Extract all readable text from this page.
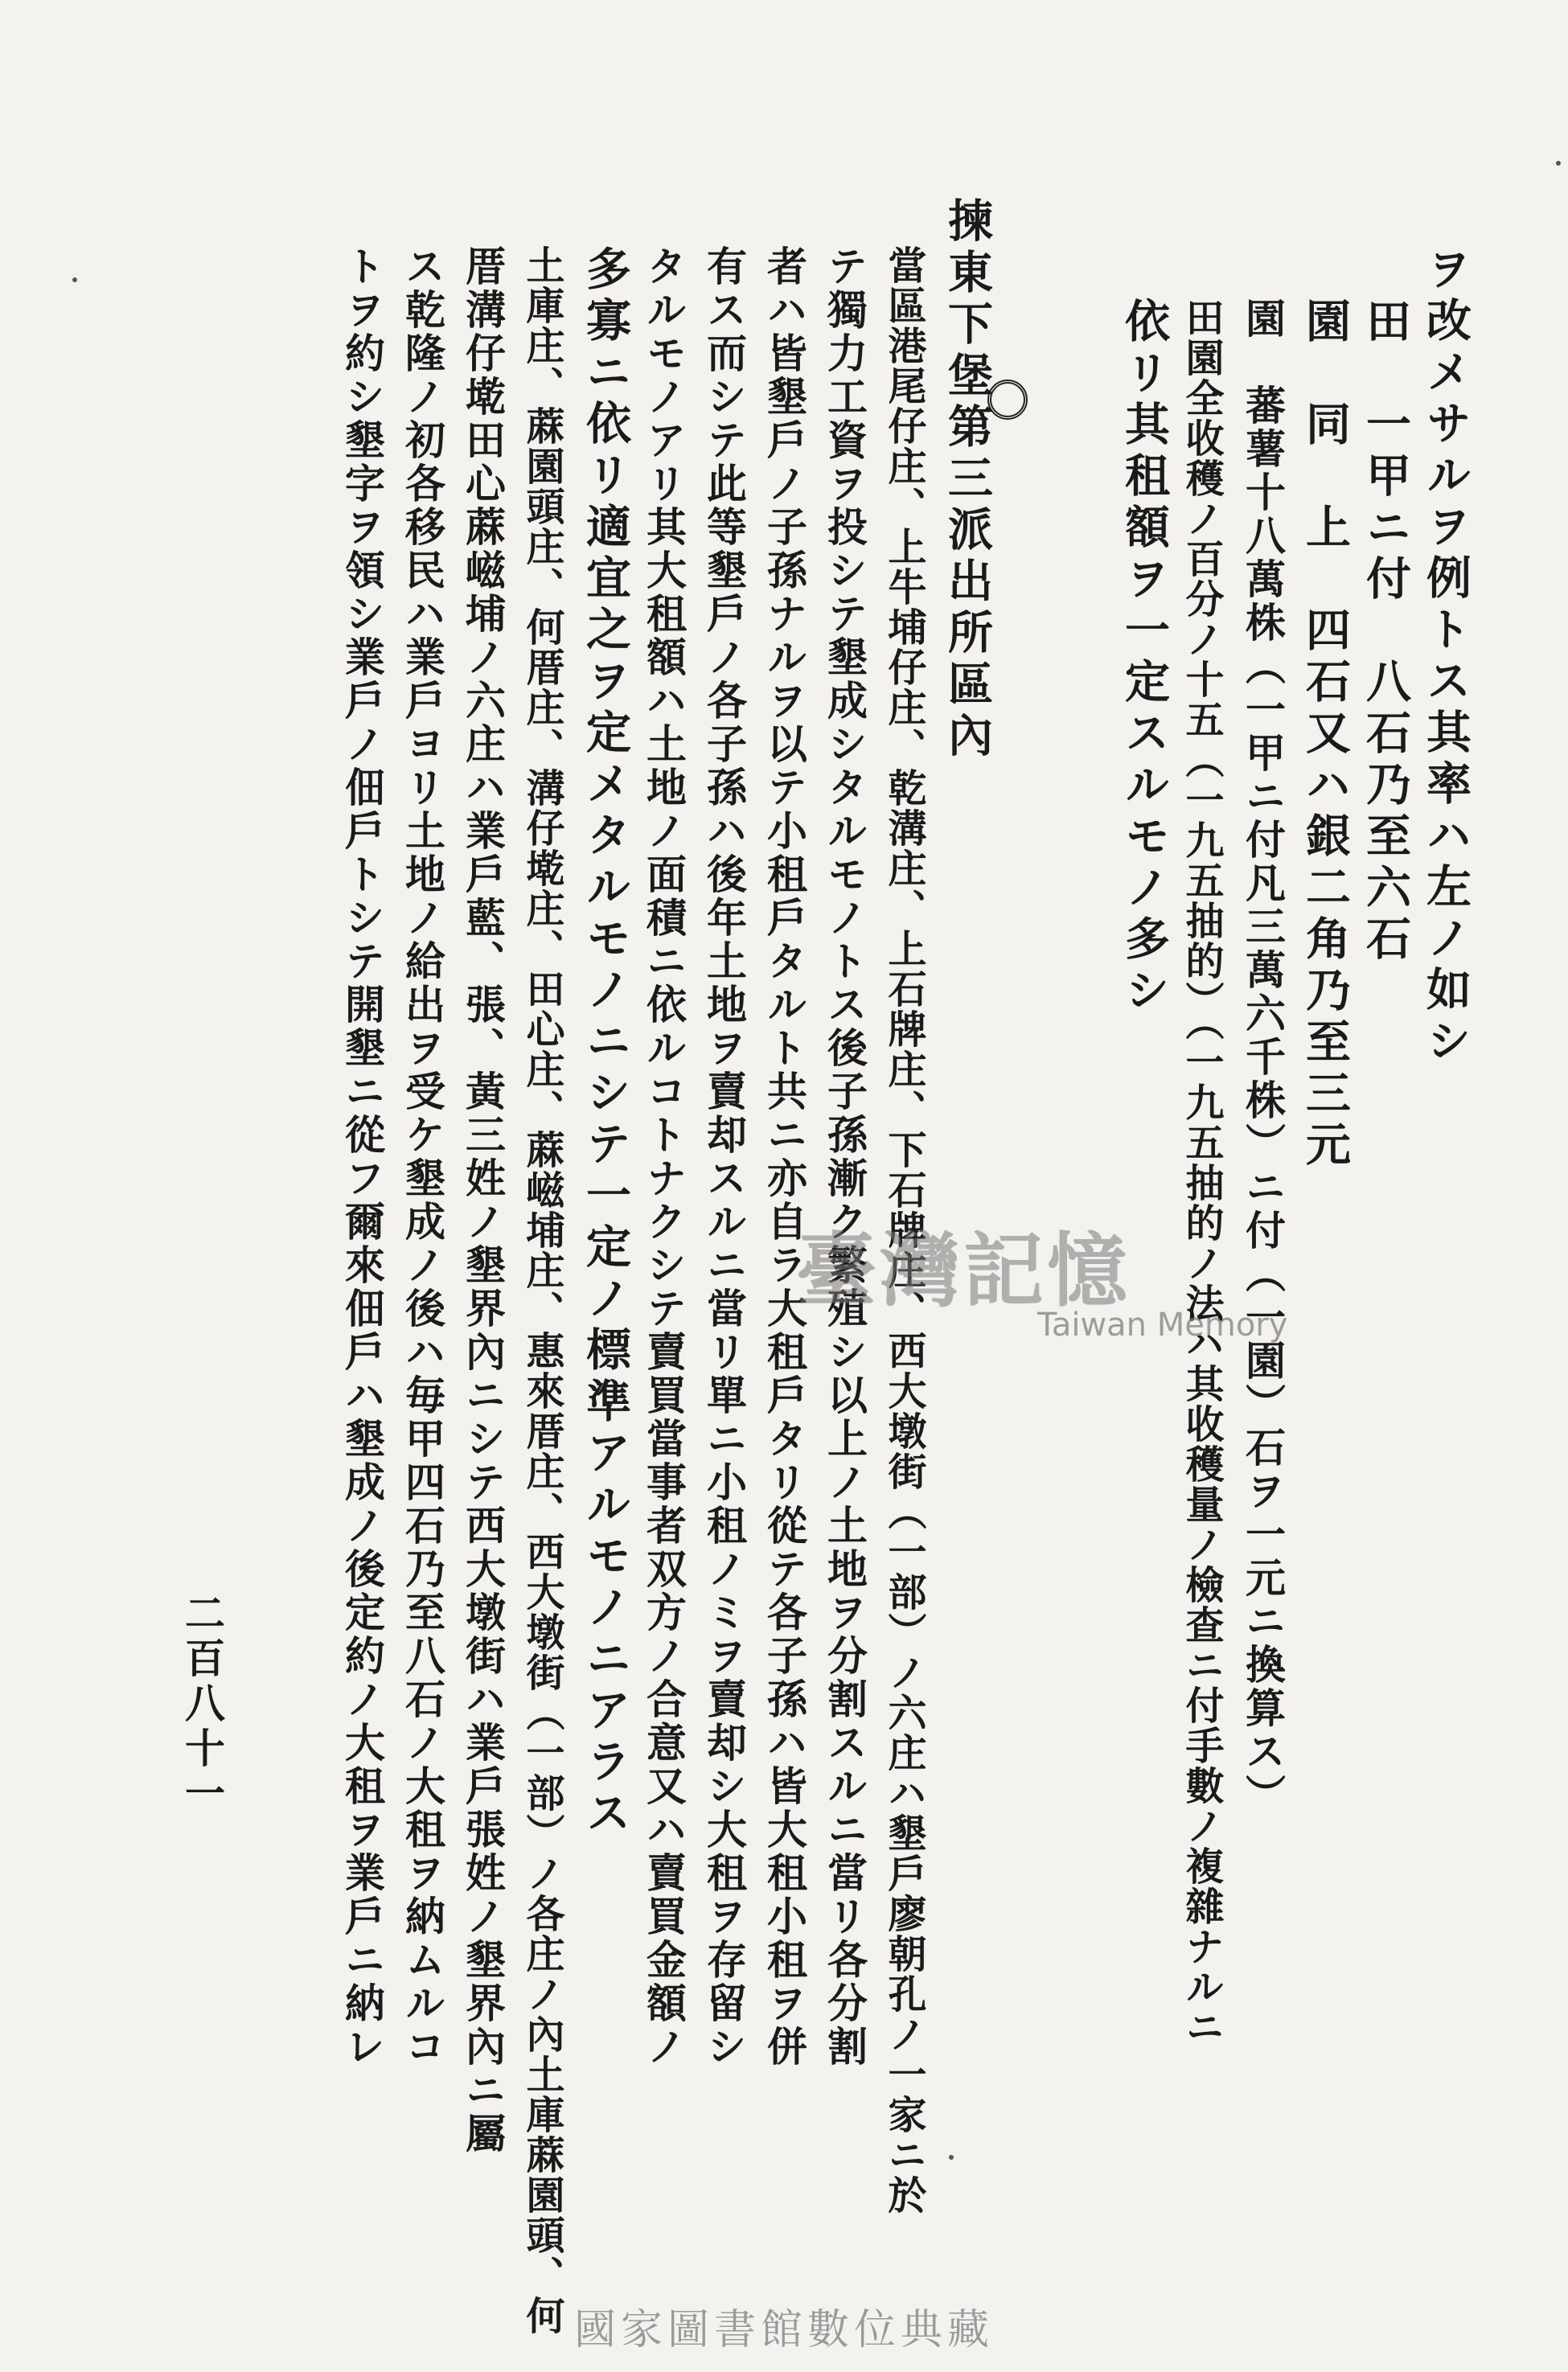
ヲ改メサルヲ例トス其率ハ左ノ如シ
田　一甲ニ付　八石乃至六石
園　同　上　四石又ハ銀二角乃至三元
園　蕃薯十八萬株（一甲ニ付凡三萬六千株）ニ付（一園）石ヲ一元ニ換算ス）
田園全收穫ノ百分ノ十五（一九五抽的）（一九五抽的ノ法ハ其收穫量ノ檢查ニ付手數ノ複雜ナルニ
依リ其租額ヲ一定スルモノ多シ
揀東下堡第三派出所區內
當區港尾仔庄、上牛埔仔庄、乾溝庄、上石牌庄、下石牌庄、西大墩街（一部）ノ六庄ハ墾戶廖朝孔ノ一家ニ於
テ獨力工資ヲ投シテ墾成シタルモノトス後子孫漸ク繁殖シ以上ノ土地ヲ分割スルニ當リ各分割
者ハ皆墾戶ノ子孫ナルヲ以テ小租戶タルト共ニ亦自ラ大租戶タリ從テ各子孫ハ皆大租小租ヲ併
有ス而シテ此等墾戶ノ各子孫ハ後年土地ヲ賣却スルニ當リ單ニ小租ノミヲ賣却シ大租ヲ存留シ
タルモノアリ其大租額ハ土地ノ面積ニ依ルコトナクシテ賣買當事者双方ノ合意又ハ賣買金額ノ
多寡ニ依リ適宜之ヲ定メタルモノニシテ一定ノ標準アルモノニアラス
土庫庄、蔴園頭庄、何厝庄、溝仔墘庄、田心庄、蔴嵫埔庄、惠來厝庄、西大墩街（一部）ノ各庄ノ內土庫蔴園頭、何
厝溝仔墘田心蔴嵫埔ノ六庄ハ業戶藍、張、黃三姓ノ墾界內ニシテ西大墩街ハ業戶張姓ノ墾界內ニ屬
ス乾隆ノ初各移民ハ業戶ヨリ土地ノ給出ヲ受ケ墾成ノ後ハ毎甲四石乃至八石ノ大租ヲ納ムルコ
トヲ約シ墾字ヲ領シ業戶ノ佃戶トシテ開墾ニ從フ爾來佃戶ハ墾成ノ後定約ノ大租ヲ業戶ニ納レ
二百八十一
臺灣記憶
Taiwan Memory
國家圖書館數位典藏
